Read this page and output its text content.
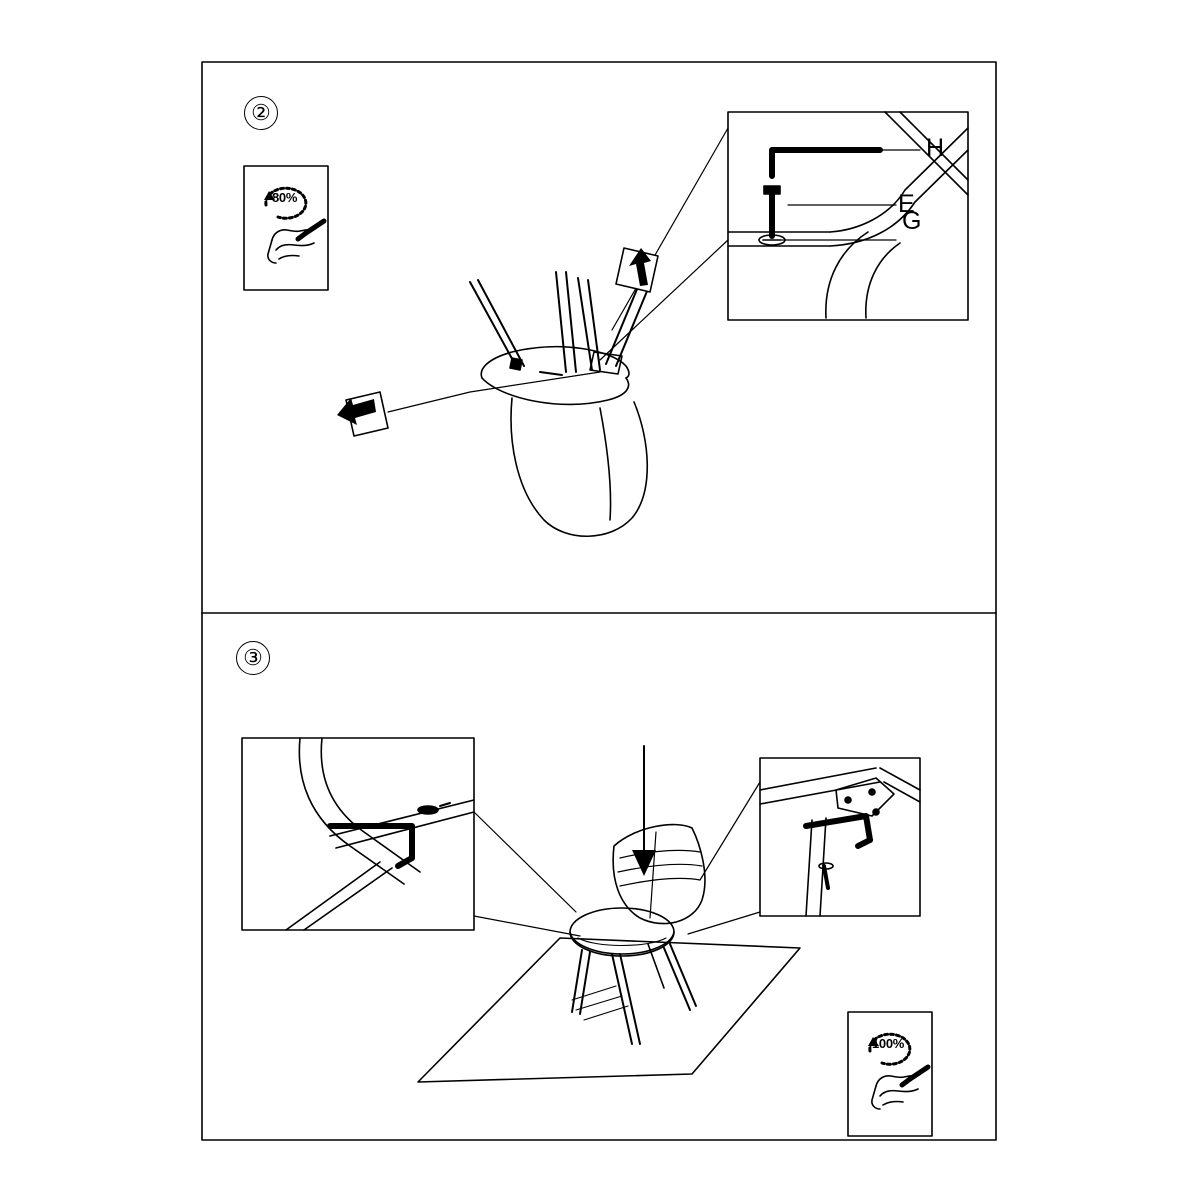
②
③
H
E
G
80%
100%
